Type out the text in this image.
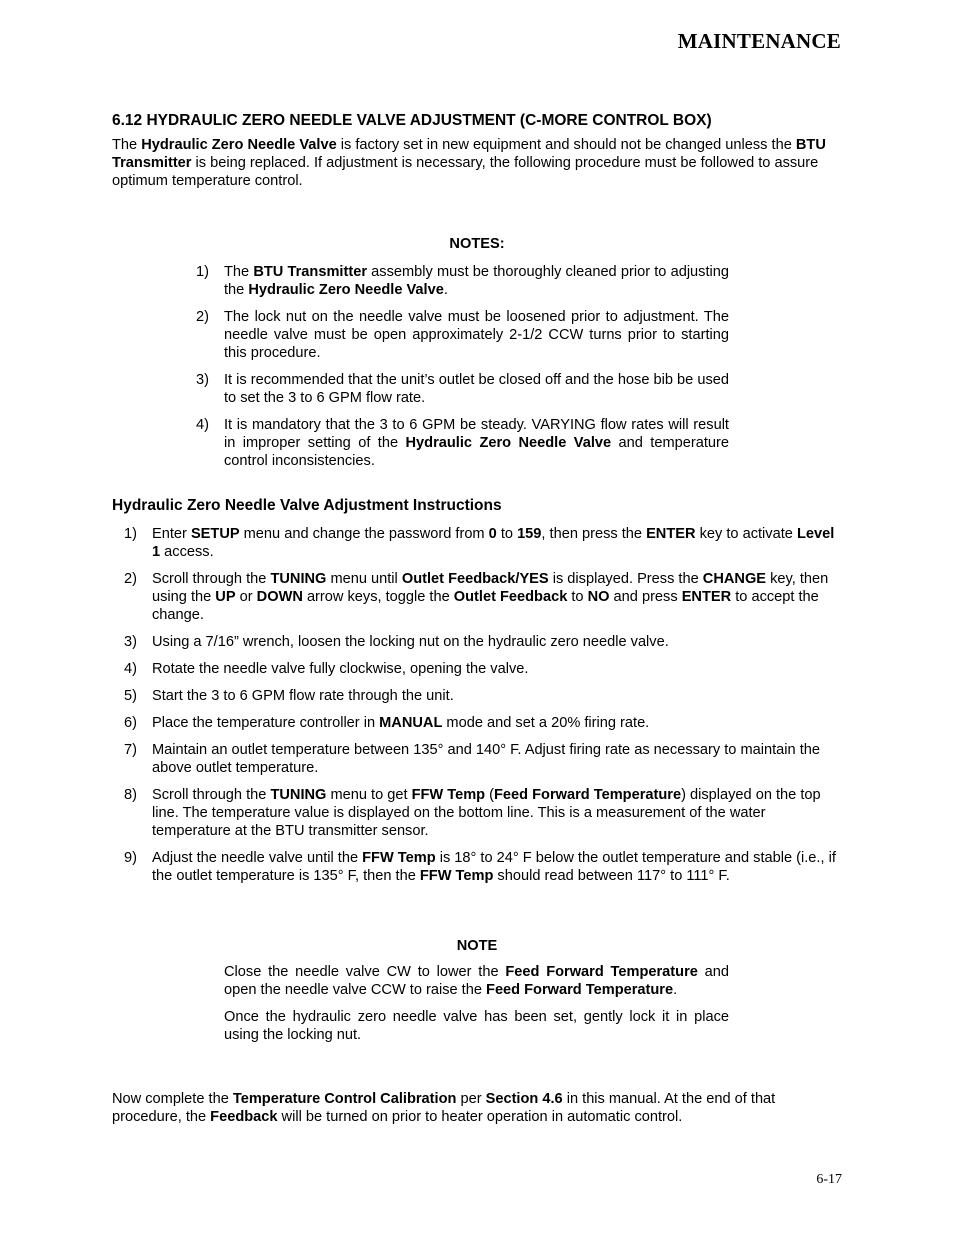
MAINTENANCE
6.12 HYDRAULIC ZERO NEEDLE VALVE ADJUSTMENT (C-MORE CONTROL BOX)
The Hydraulic Zero Needle Valve is factory set in new equipment and should not be changed unless the BTU Transmitter is being replaced. If adjustment is necessary, the following procedure must be followed to assure optimum temperature control.
NOTES:
1)	The BTU Transmitter assembly must be thoroughly cleaned prior to adjusting the Hydraulic Zero Needle Valve.
2)	The lock nut on the needle valve must be loosened prior to adjustment. The needle valve must be open approximately 2-1/2 CCW turns prior to starting this procedure.
3)	It is recommended that the unit’s outlet be closed off and the hose bib be used to set the 3 to 6 GPM flow rate.
4)	It is mandatory that the 3 to 6 GPM be steady. VARYING flow rates will result in improper setting of the Hydraulic Zero Needle Valve and temperature control inconsistencies.
Hydraulic Zero Needle Valve Adjustment Instructions
1)	Enter SETUP menu and change the password from 0 to 159, then press the ENTER key to activate Level 1 access.
2)	Scroll through the TUNING menu until Outlet Feedback/YES is displayed. Press the CHANGE key, then using the UP or DOWN arrow keys, toggle the Outlet Feedback to NO and press ENTER to accept the change.
3)	Using a 7/16” wrench, loosen the locking nut on the hydraulic zero needle valve.
4)	Rotate the needle valve fully clockwise, opening the valve.
5)	Start the 3 to 6 GPM flow rate through the unit.
6)	Place the temperature controller in MANUAL mode and set a 20% firing rate.
7)	Maintain an outlet temperature between 135° and 140° F. Adjust firing rate as necessary to maintain the above outlet temperature.
8)	Scroll through the TUNING menu to get FFW Temp (Feed Forward Temperature) displayed on the top line. The temperature value is displayed on the bottom line. This is a measurement of the water temperature at the BTU transmitter sensor.
9)	Adjust the needle valve until the FFW Temp is 18° to 24° F below the outlet temperature and stable (i.e., if the outlet temperature is 135° F, then the FFW Temp should read between 117° to 111° F.
NOTE

Close the needle valve CW to lower the Feed Forward Temperature and open the needle valve CCW to raise the Feed Forward Temperature.

Once the hydraulic zero needle valve has been set, gently lock it in place using the locking nut.

Now complete the Temperature Control Calibration per Section 4.6 in this manual. At the end of that procedure, the Feedback will be turned on prior to heater operation in automatic control.
6-17
